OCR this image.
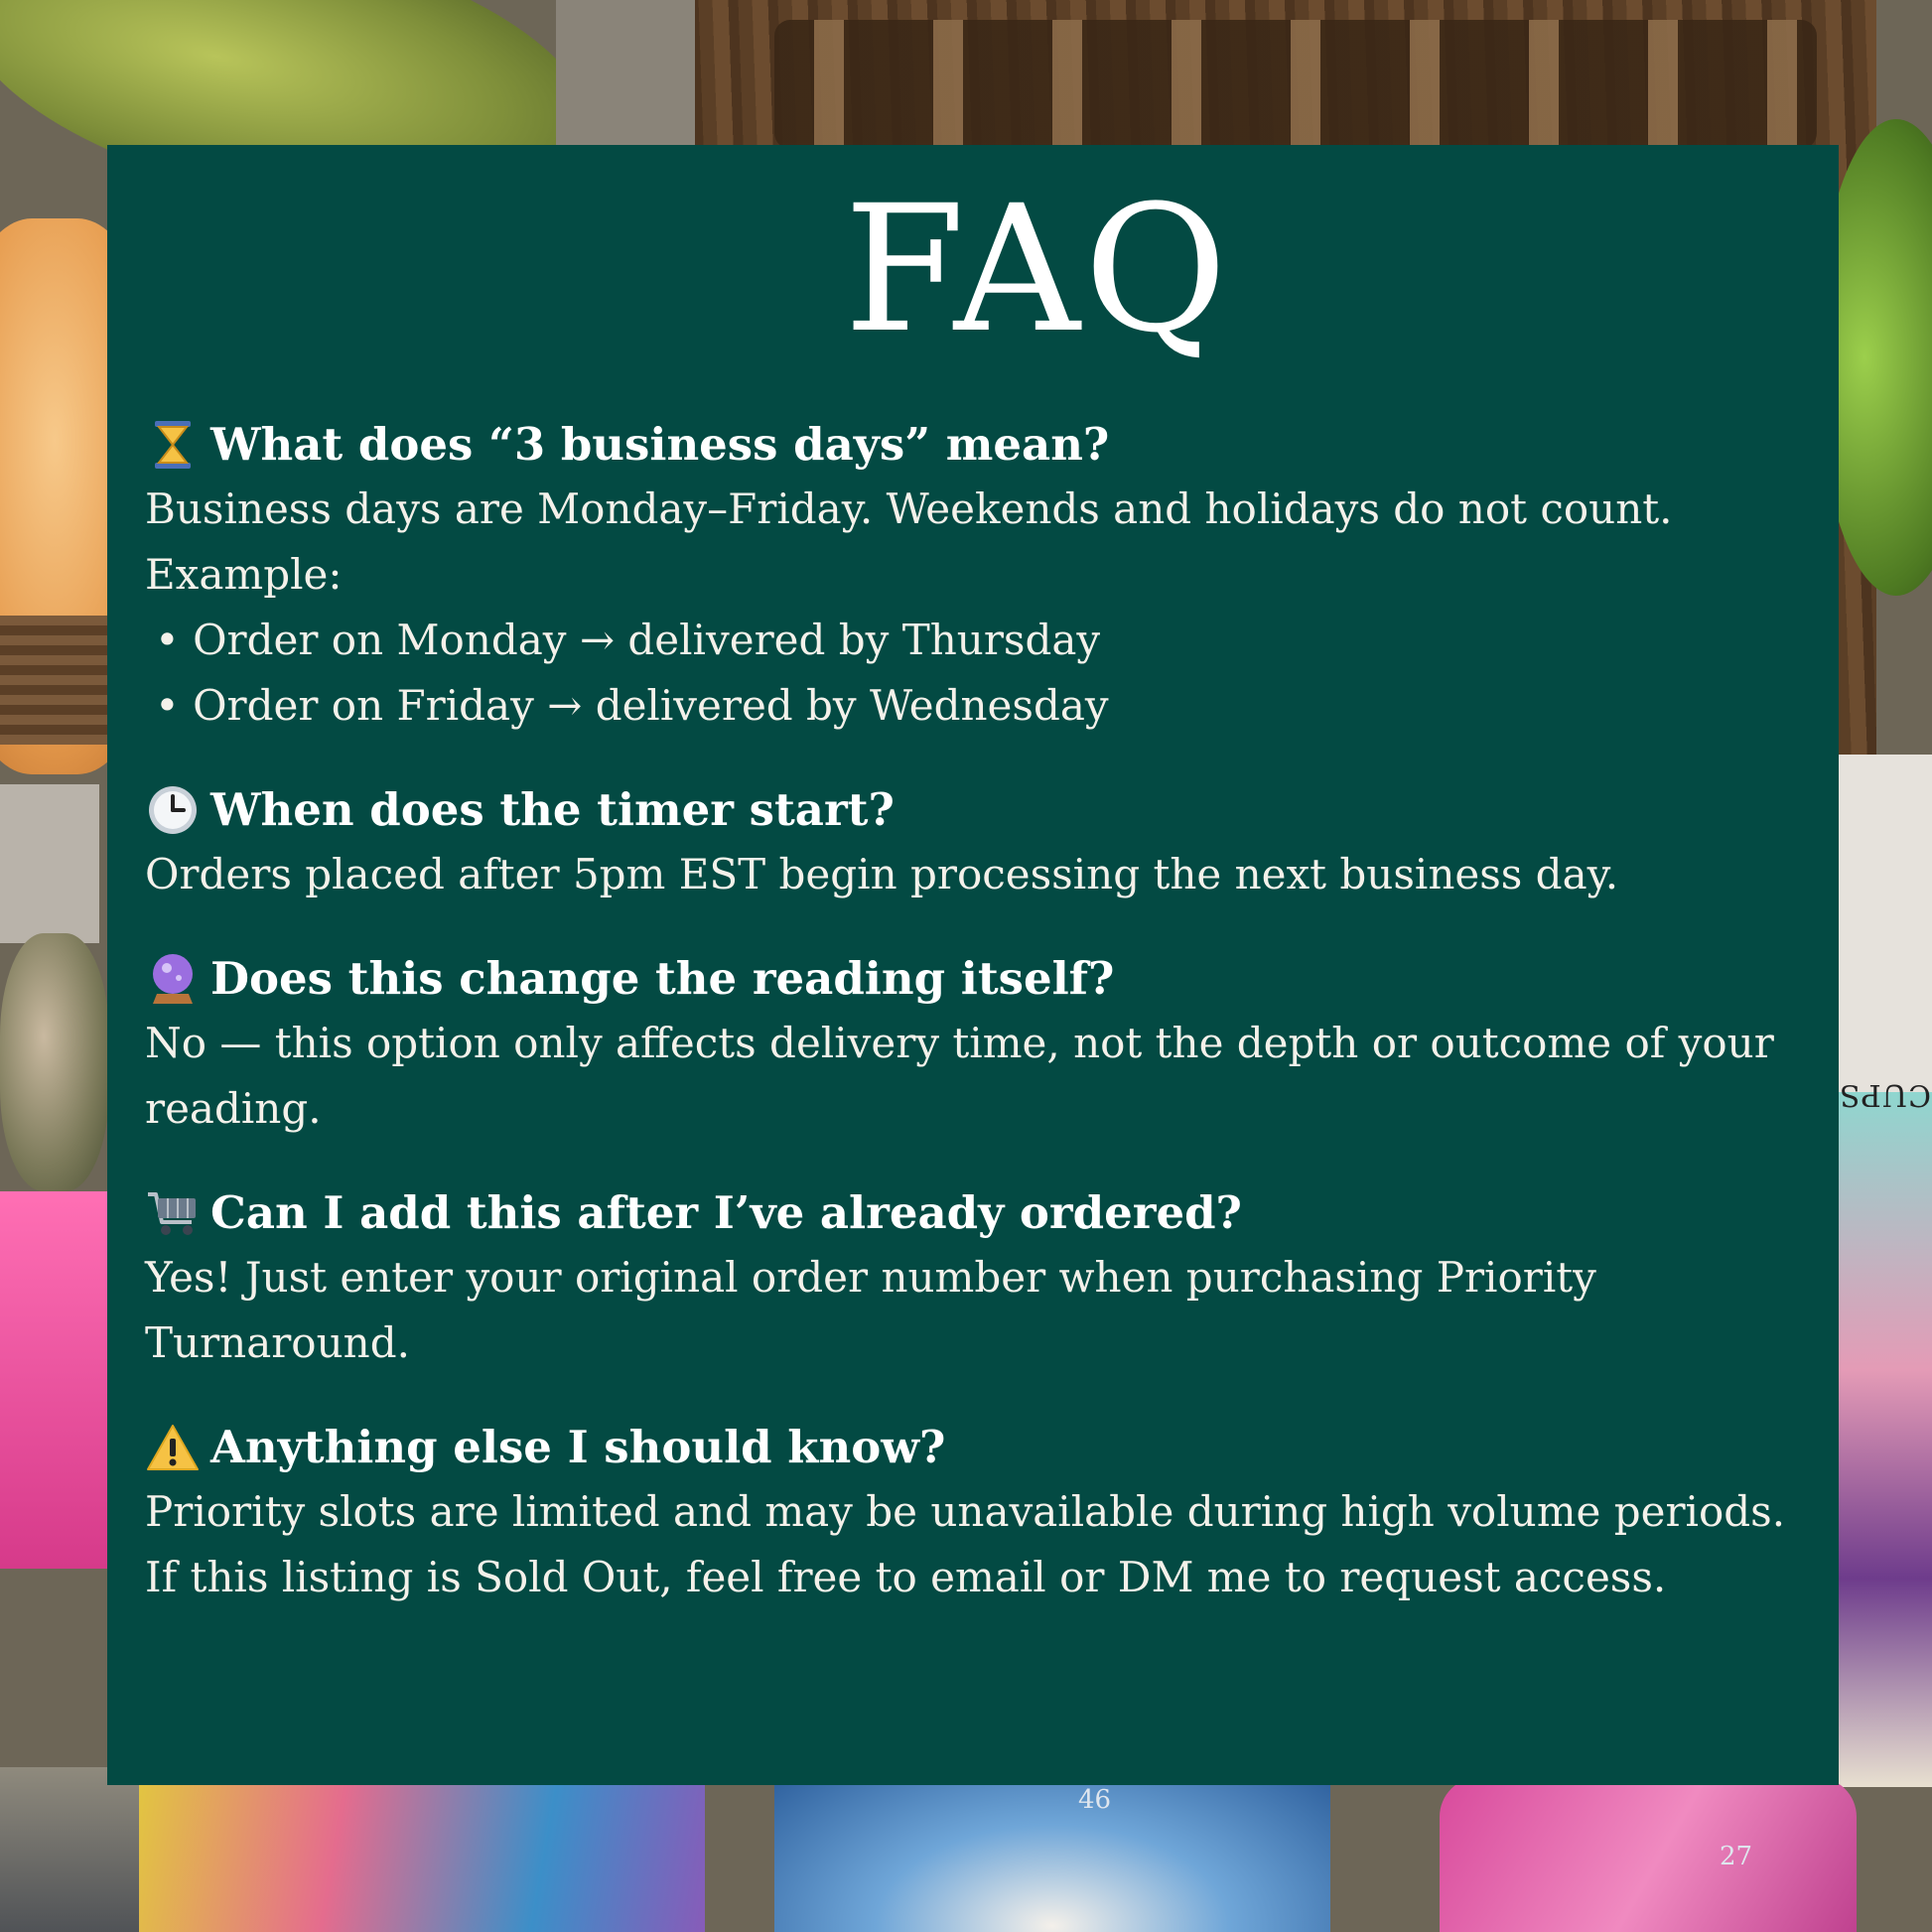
46
27
CUPS
FAQ
What does “3 business days” mean?

Business days are Monday–Friday. Weekends and holidays do not count.

Example:

• Order on Monday → delivered by Thursday
• Order on Friday → delivered by Wednesday
When does the timer start?

Orders placed after 5pm EST begin processing the next business day.

Does this change the reading itself?

No — this option only affects delivery time, not the depth or outcome of your reading.

Can I add this after I’ve already ordered?

Yes! Just enter your original order number when purchasing Priority Turnaround.

Anything else I should know?

Priority slots are limited and may be unavailable during high volume periods.

If this listing is Sold Out, feel free to email or DM me to request access.
